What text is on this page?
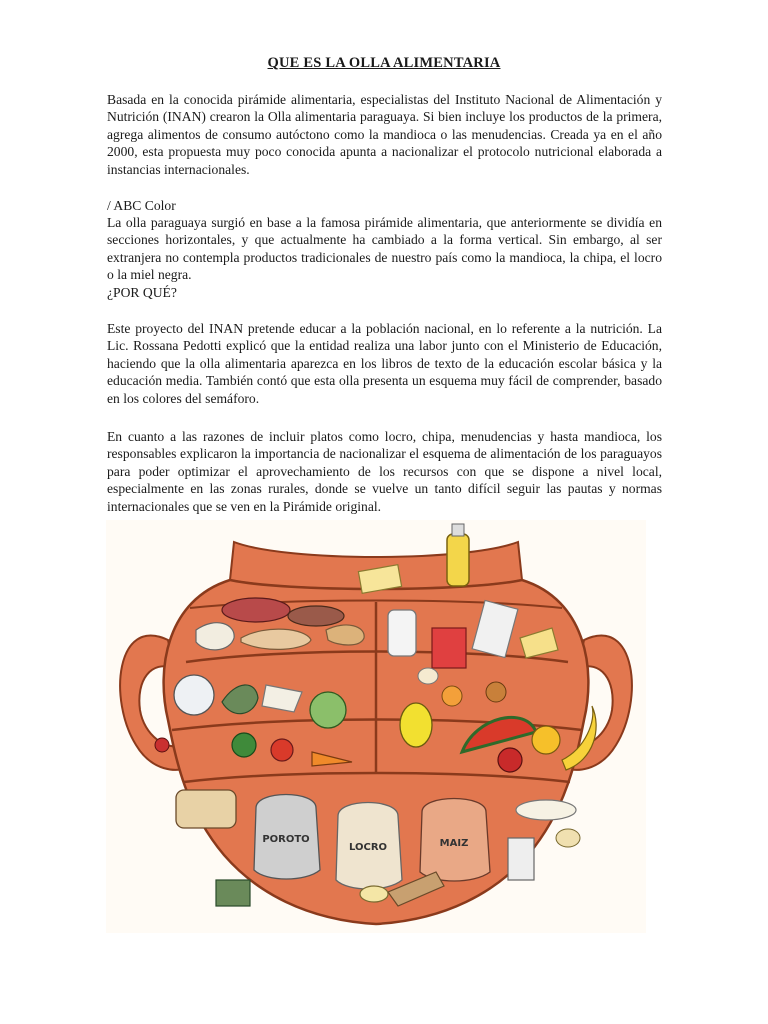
QUE ES LA OLLA ALIMENTARIA

Basada en la conocida pirámide alimentaria, especialistas del Instituto Nacional de Alimentación y Nutrición (INAN) crearon la Olla alimentaria paraguaya. Si bien incluye los productos de la primera, agrega alimentos de consumo autóctono como la mandioca o las menudencias. Creada ya en el año 2000, esta propuesta muy poco conocida apunta a nacionalizar el protocolo nutricional elaborada a instancias internacionales.

/ ABC Color

La olla paraguaya surgió en base a la famosa pirámide alimentaria, que anteriormente se dividía en secciones horizontales, y que actualmente ha cambiado a la forma vertical. Sin embargo, al ser extranjera no contempla productos tradicionales de nuestro país como la mandioca, la chipa, el locro o la miel negra.

¿POR QUÉ?

Este proyecto del INAN pretende educar a la población nacional, en lo referente a la nutrición. La Lic. Rossana Pedotti explicó que la entidad realiza una labor junto con el Ministerio de Educación, haciendo que la olla alimentaria aparezca en los libros de texto de la educación escolar básica y la educación media. También contó que esta olla presenta un esquema muy fácil de comprender, basado en los colores del semáforo.

En cuanto a las razones de incluir platos como locro, chipa, menudencias y hasta mandioca, los responsables explicaron la importancia de nacionalizar el esquema de alimentación de los paraguayos para poder optimizar el aprovechamiento de los recursos con que se dispone a nivel local, especialmente en las zonas rurales, donde se vuelve un tanto difícil seguir las pautas y normas internacionales que se ven en la Pirámide original.

POROTO
LOCRO	MAIZ
